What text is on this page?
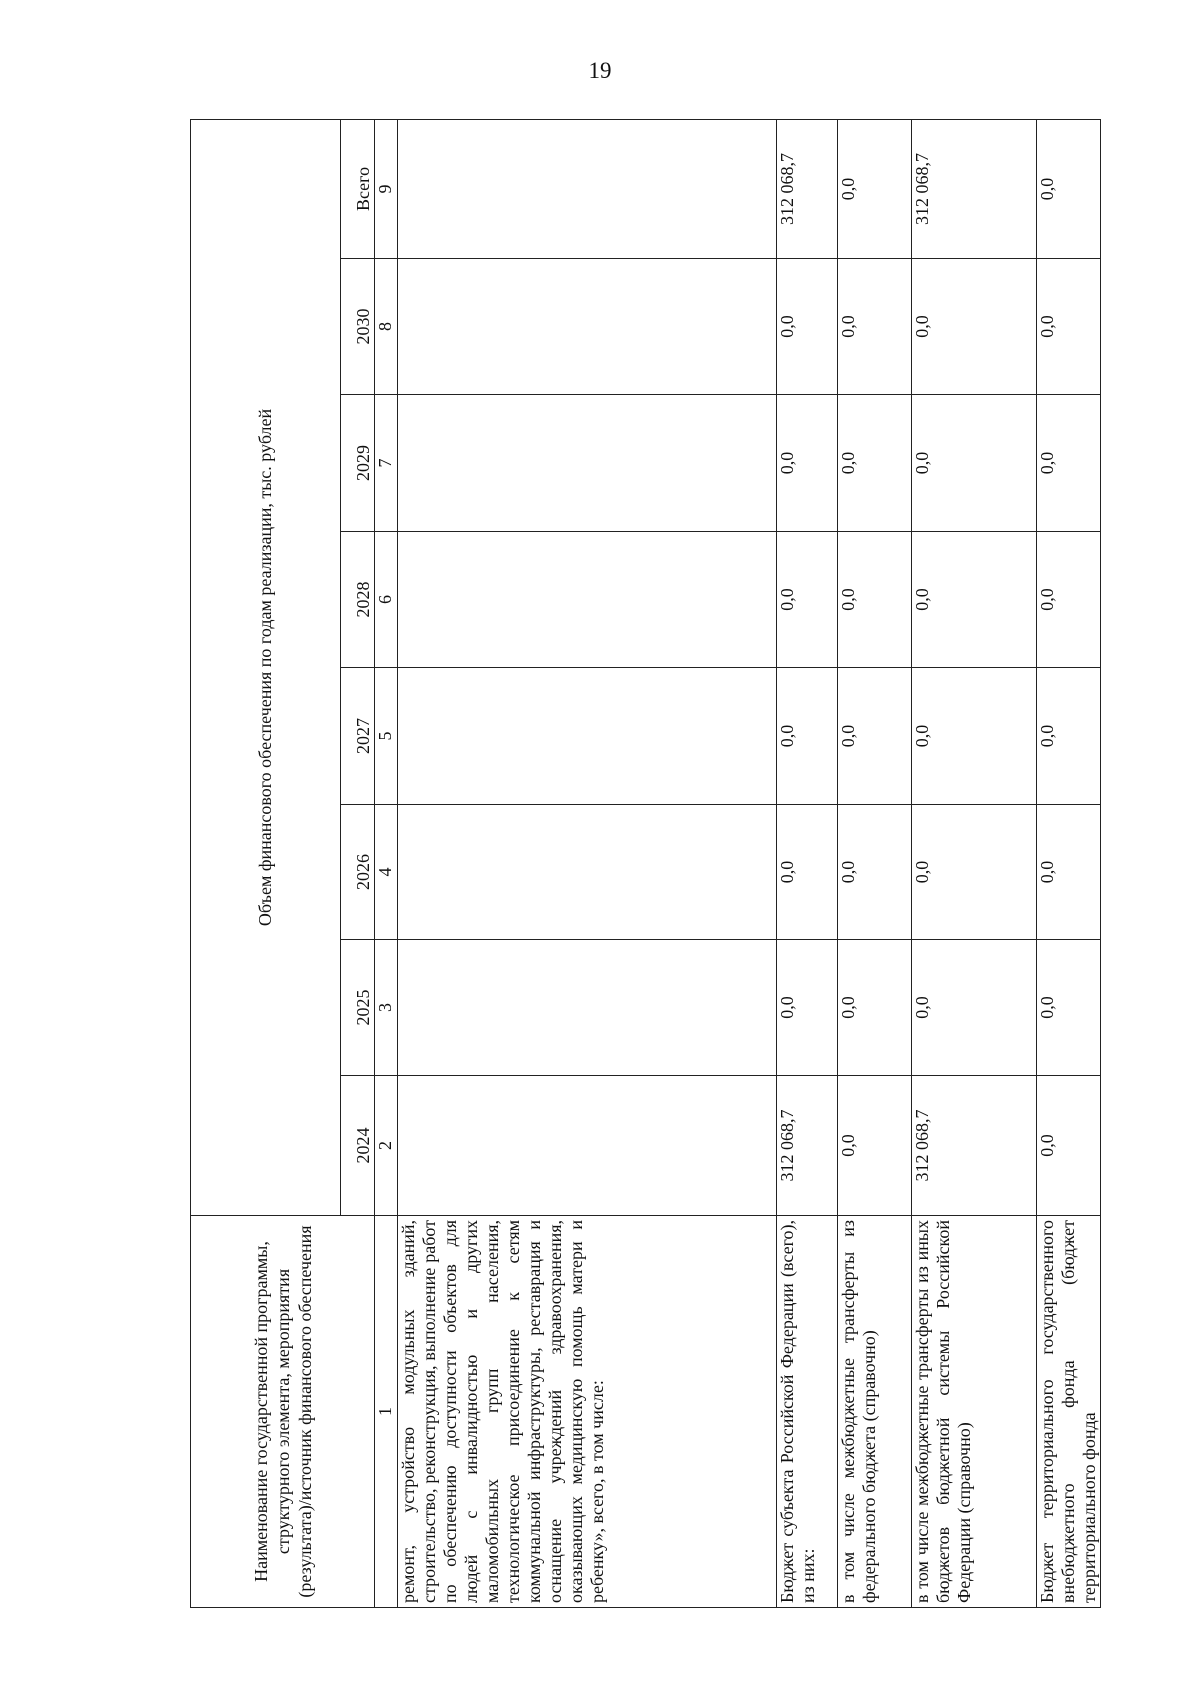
19
Наименование государственной программы, структурного элемента, мероприятия (результата)/источник финансового обеспечения	Объем финансового обеспечения по годам реализации, тыс. рублей							
	2024	2025	2026	2027	2028	2029	2030	Всего
1	2	3	4	5	6	7	8	9
ремонт, устройство модульных зданий, строительство, реконструкция, выполнение работ по обеспечению доступности объектов для людей с инвалидностью и других маломобильных групп населения, технологическое присоединение к сетям коммунальной инфраструктуры, реставрация и оснащение учреждений здравоохранения, оказывающих медицинскую помощь матери и ребенку», всего, в том числе:								
Бюджет субъекта Российской Федерации (всего), из них:	312 068,7	0,0	0,0	0,0	0,0	0,0	0,0	312 068,7
в том числе межбюджетные трансферты из федерального бюджета (справочно)	0,0	0,0	0,0	0,0	0,0	0,0	0,0	0,0
в том числе межбюджетные трансферты из иных бюджетов бюджетной системы Российской Федерации (справочно)	312 068,7	0,0	0,0	0,0	0,0	0,0	0,0	312 068,7
Бюджет территориального государственного внебюджетного фонда (бюджет территориального фонда	0,0	0,0	0,0	0,0	0,0	0,0	0,0	0,0
